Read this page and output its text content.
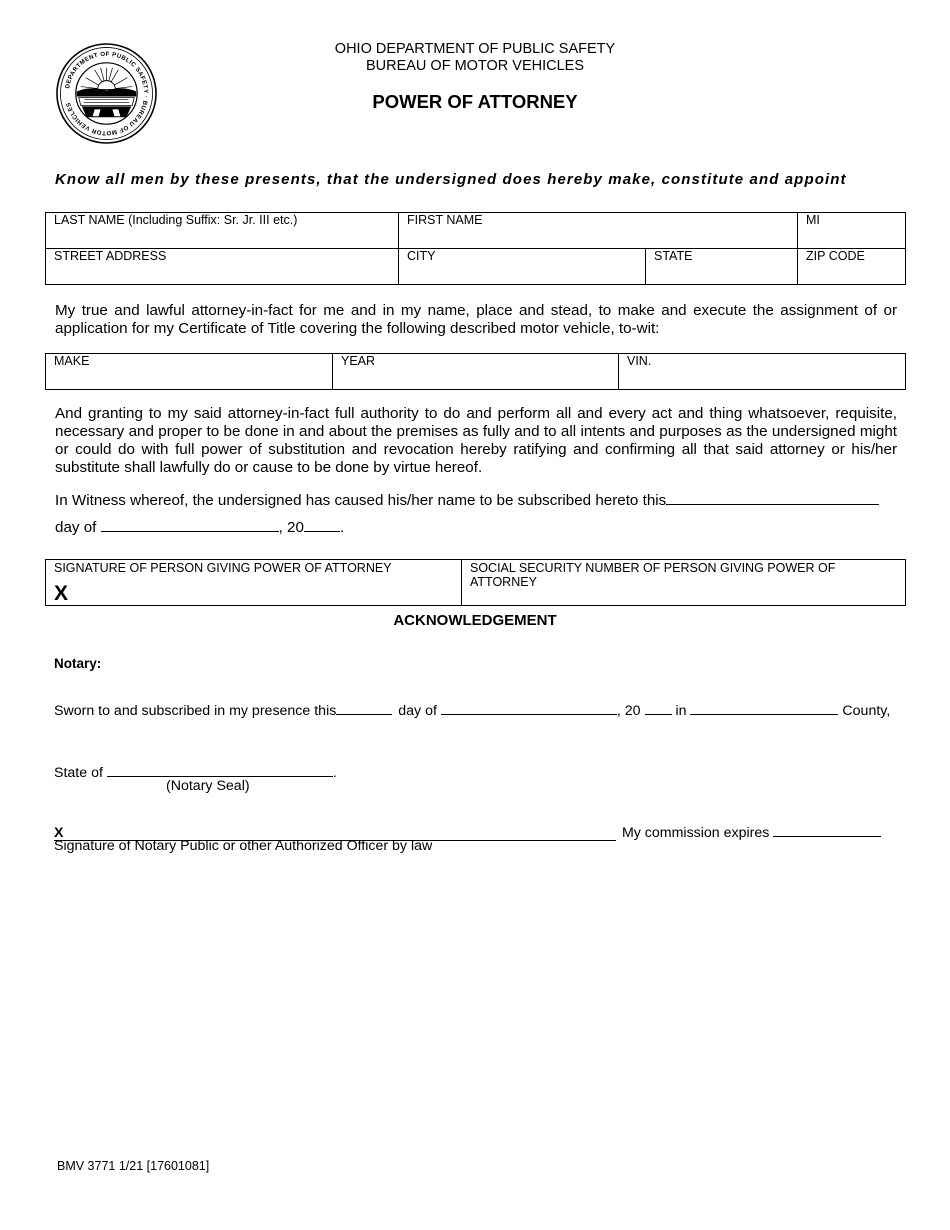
DEPARTMENT OF PUBLIC SAFETY · BUREAU OF MOTOR VEHICLES
OHIO DEPARTMENT OF PUBLIC SAFETY
BUREAU OF MOTOR VEHICLES
POWER OF ATTORNEY
Know all men by these presents, that the undersigned does hereby make, constitute and appoint
LAST NAME (Including Suffix: Sr. Jr. III etc.)	FIRST NAME		MI
STREET ADDRESS	CITY	STATE	ZIP CODE
My true and lawful attorney-in-fact for me and in my name, place and stead, to make and execute the assignment of or application for my Certificate of Title covering the following described motor vehicle, to-wit:
MAKE	YEAR	VIN.
And granting to my said attorney-in-fact full authority to do and perform all and every act and thing whatsoever, requisite, necessary and proper to be done in and about the premises as fully and to all intents and purposes as the undersigned might or could do with full power of substitution and revocation hereby ratifying and confirming all that said attorney or his/her substitute shall lawfully do or cause to be done by virtue hereof.
In Witness whereof, the undersigned has caused his/her name to be subscribed hereto this
day of	, 20 .
SIGNATURE OF PERSON GIVING POWER OF ATTORNEY
X
	SOCIAL SECURITY NUMBER OF PERSON GIVING POWER OF ATTORNEY
ACKNOWLEDGEMENT
Notary:
Sworn to and subscribed in my presence this	day of	, 20 in	County,
State of	.
(Notary Seal)
X	My commission expires
Signature of Notary Public or other Authorized Officer by law
BMV 3771 1/21 [17601081]
